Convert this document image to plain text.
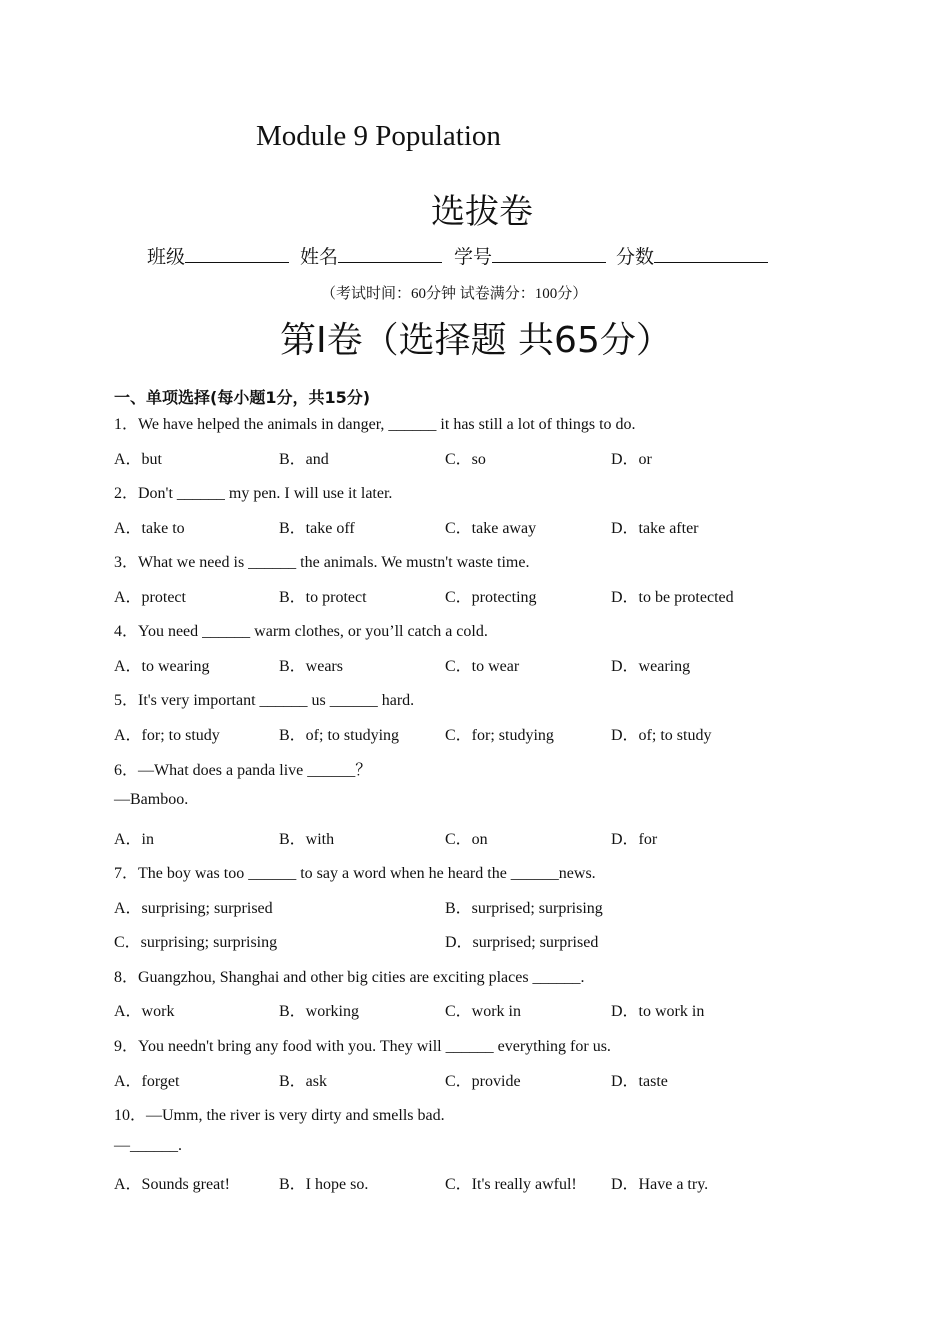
Module 9 Population
选拔卷
班级	姓名	学号	分数
（考试时间：60分钟 试卷满分：100分）
第I卷（选择题 共65分）
一、单项选择(每小题1分，共15分)
1．We have helped the animals in danger, ______ it has still a lot of things to do.
A．but	B．and	C．so	D．or
2．Don't ______ my pen. I will use it later.
A．take to	B．take off	C．take away	D．take after
3．What we need is ______ the animals. We mustn't waste time.
A．protect	B．to protect	C．protecting	D．to be protected
4．You need ______ warm clothes, or you’ll catch a cold.
A．to wearing	B．wears	C．to wear	D．wearing
5．It's very important ______ us ______ hard.
A．for; to study	B．of; to studying	C．for; studying	D．of; to study
6．—What does a panda live ______？
—Bamboo.
A．in	B．with	C．on	D．for
7．The boy was too ______ to say a word when he heard the ______news.
A．surprising; surprised	B．surprised; surprising
C．surprising; surprising	D．surprised; surprised
8．Guangzhou, Shanghai and other big cities are exciting places ______.
A．work	B．working	C．work in	D．to work in
9．You needn't bring any food with you. They will ______ everything for us.
A．forget	B．ask	C．provide	D．taste
10．—Umm, the river is very dirty and smells bad.
—______.
A．Sounds great!	B．I hope so.	C．It's really awful! D．Have a try.
